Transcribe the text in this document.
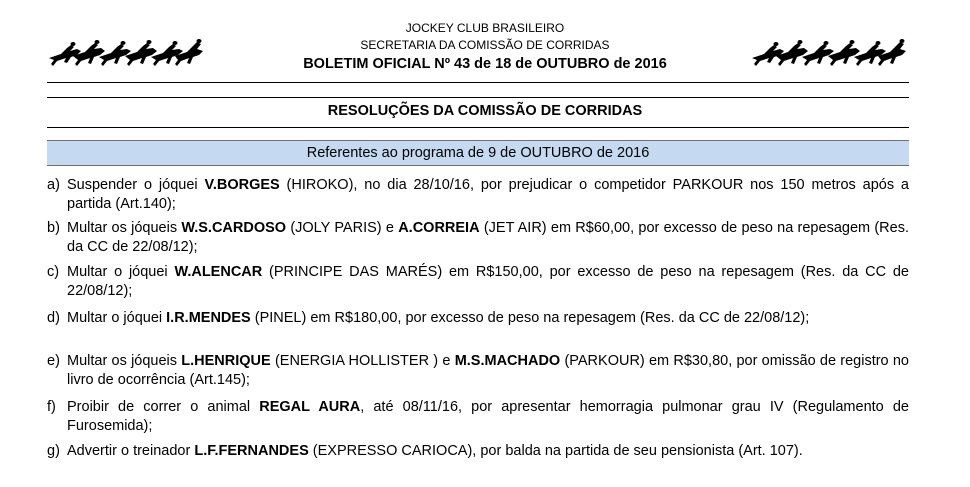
JOCKEY CLUB BRASILEIRO
SECRETARIA DA COMISSÃO DE CORRIDAS
BOLETIM OFICIAL Nº 43 de 18 de OUTUBRO de 2016
RESOLUÇÕES DA COMISSÃO DE CORRIDAS
Referentes ao programa de 9 de OUTUBRO de 2016
a) Suspender o jóquei V.BORGES (HIROKO), no dia 28/10/16, por prejudicar o competidor PARKOUR nos 150 metros após a partida (Art.140);
b) Multar os jóqueis W.S.CARDOSO (JOLY PARIS) e A.CORREIA (JET AIR) em R$60,00, por excesso de peso na repesagem (Res. da CC de 22/08/12);
c) Multar o jóquei W.ALENCAR (PRINCIPE DAS MARÉS) em R$150,00, por excesso de peso na repesagem (Res. da CC de 22/08/12);
d) Multar o jóquei I.R.MENDES (PINEL) em R$180,00, por excesso de peso na repesagem (Res. da CC de 22/08/12);
e) Multar os jóqueis L.HENRIQUE (ENERGIA HOLLISTER ) e M.S.MACHADO (PARKOUR) em R$30,80, por omissão de registro no livro de ocorrência (Art.145);
f) Proibir de correr o animal REGAL AURA, até 08/11/16, por apresentar hemorragia pulmonar grau IV (Regulamento de Furosemida);
g) Advertir o treinador L.F.FERNANDES (EXPRESSO CARIOCA), por balda na partida de seu pensionista (Art. 107).
